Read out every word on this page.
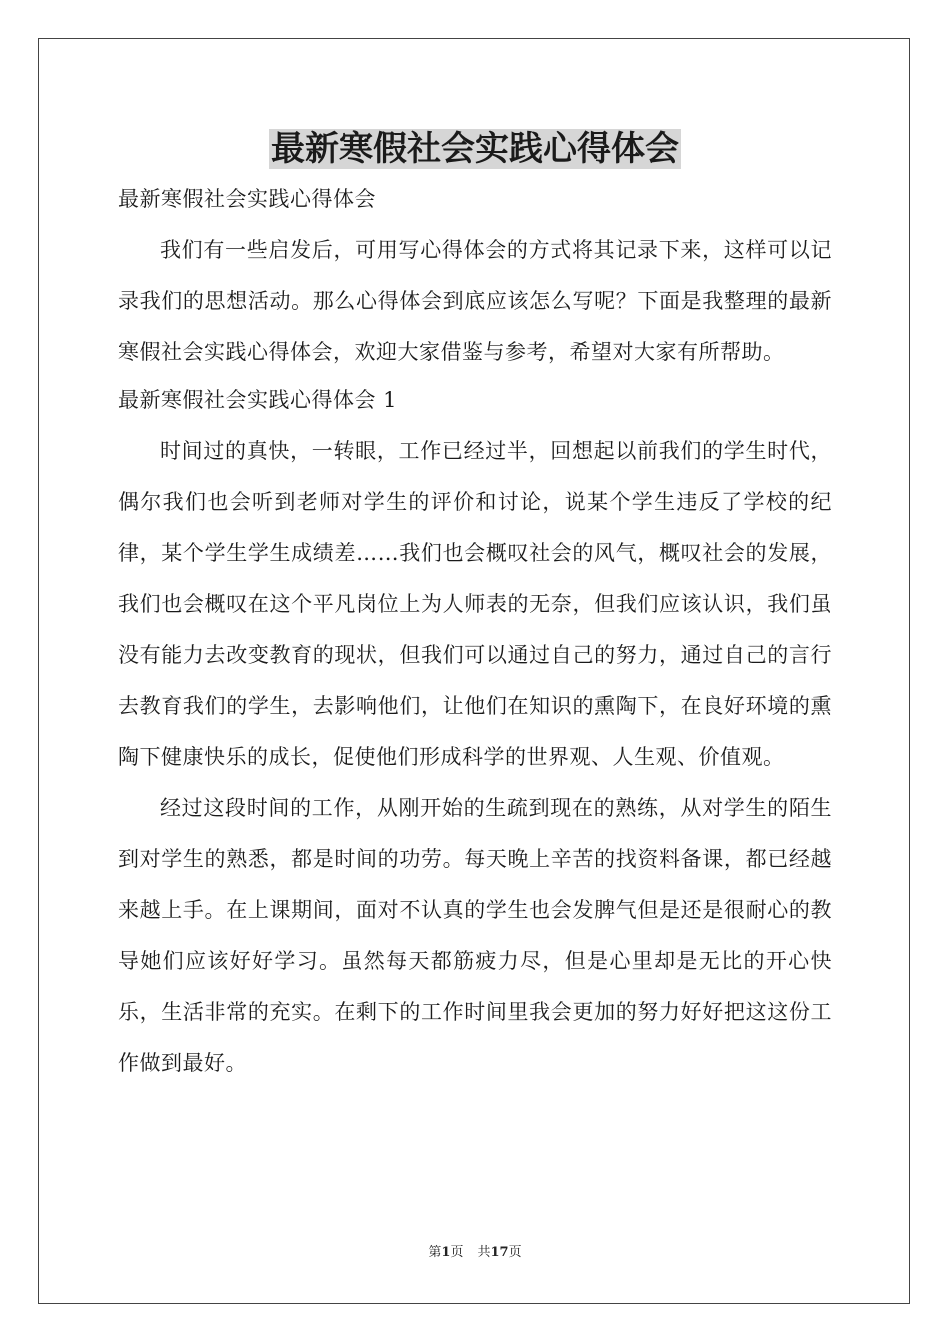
最新寒假社会实践心得体会

最新寒假社会实践心得体会

我们有一些启发后，可用写心得体会的方式将其记录下来，这样可以记录我们的思想活动。那么心得体会到底应该怎么写呢？下面是我整理的最新寒假社会实践心得体会，欢迎大家借鉴与参考，希望对大家有所帮助。

最新寒假社会实践心得体会 1

时间过的真快，一转眼，工作已经过半，回想起以前我们的学生时代，偶尔我们也会听到老师对学生的评价和讨论，说某个学生违反了学校的纪律，某个学生学生成绩差……我们也会概叹社会的风气，概叹社会的发展，我们也会概叹在这个平凡岗位上为人师表的无奈，但我们应该认识，我们虽没有能力去改变教育的现状，但我们可以通过自己的努力，通过自己的言行去教育我们的学生，去影响他们，让他们在知识的熏陶下，在良好环境的熏陶下健康快乐的成长，促使他们形成科学的世界观、人生观、价值观。

经过这段时间的工作，从刚开始的生疏到现在的熟练，从对学生的陌生到对学生的熟悉，都是时间的功劳。每天晚上辛苦的找资料备课，都已经越来越上手。在上课期间，面对不认真的学生也会发脾气但是还是很耐心的教导她们应该好好学习。虽然每天都筋疲力尽，但是心里却是无比的开心快乐，生活非常的充实。在剩下的工作时间里我会更加的努力好好把这这份工作做到最好。

第1页 共17页
